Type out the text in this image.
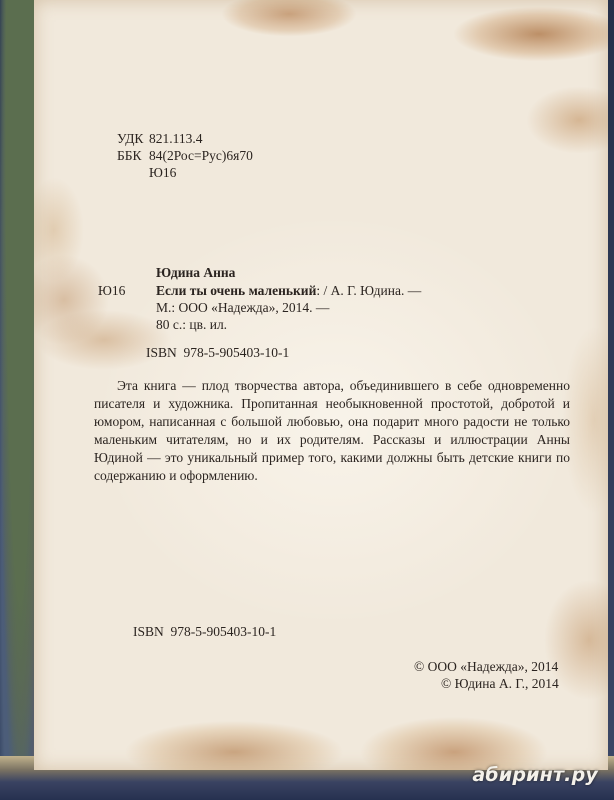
УДК 821.113.4
ББК 84(2Рос=Рус)6я70
Ю16
Юдина Анна
Ю16 Если ты очень маленький: / А. Г. Юдина. —
М.: ООО «Надежда», 2014. —
80 с.: цв. ил.
ISBN 978-5-905403-10-1
Эта книга — плод творчества автора, объединившего в себе одновременно писателя и художника. Пропитанная необыкновенной простотой, добротой и юмором, написанная с большой любовью, она подарит много радости не только маленьким читателям, но и их родителям. Рассказы и иллюстрации Анны Юдиной — это уникальный пример того, какими должны быть детские книги по содержанию и оформлению.
ISBN 978-5-905403-10-1
© ООО «Надежда», 2014
© Юдина А. Г., 2014
абиринт.ру
